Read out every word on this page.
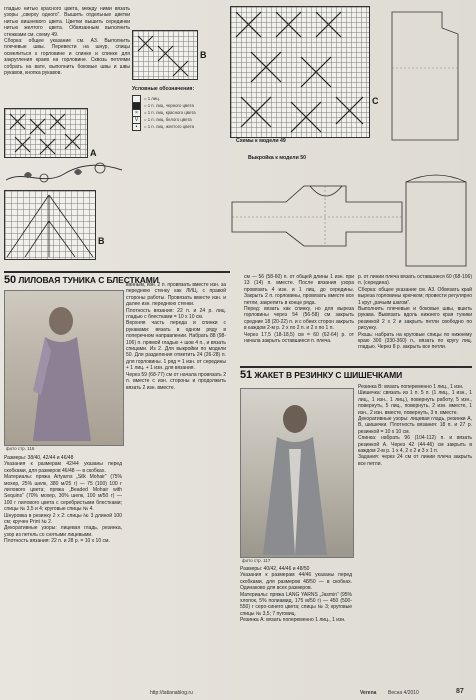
гладью нитью красного цвета, между ними вязать узоры „сверху одного“. Вышить отдельные цветки нитью вишневого цвета. Цветки вышить серединки нитью желтого цвета. Обвязанным выполнить стежками см. схему 49.
Сборка: общее указание см. А3. Выполнить плечевые швы. Перевести на шнур, спицы осмелиться к горловине и спинке и спинке для закругления краев на горловине. Сквозь петлями собрать на вате, выполнить боковые швы и швы рукавов, кнопка рукавов.
A
B
B
Условные обозначения:
= 1 лиц.
= 1 п. лиц. черного цвета
×	= 1 п. лиц. красного цвета
V	= 1 п. лиц. белого цвета
•	= 1 п. лиц. желтого цвета
C
Схемы к модели 49
Выкройка к модели 50
50 ЛИЛОВАЯ ТУНИКА С БЛЕСТКАМИ
фото стр. 116
Размеры: 38/40, 42/44 и 46/48
Указания к размерам 42/44 указаны перед скобками, для размеров 46/48 — в скобках.
Материалы: пряжа Artyarns „Silk Mohair“ (75% мохер, 25% шелк, 380 м/25 г) — 75 (100) 100 г лилового цвета; пряжа „Beaded Mohair with Sequins“ (70% мохер, 30% шелк, 100 м/50 г) — 100 г лилового цвета с серебристыми блестками; спицы № 3,5 и 4; круговые спицы № 4.
Шнуровка в резинку 2 х 2: спицы № 3 длиной 100 см; кручен Print № 2.
Декоративные узоры: лицевая гладь, резинка, узор из петель со снятыми лицевыми.
Плотность вязания: 22 п. и 28 р. = 10 х 10 см.
ванным, изн. 2 п. провязать вместе изн. за переднюю стенку как ЛИЦ. с правой стороны работы. Провязать вместе изн. и далее изн. переднюю стенки.
Плотность вязания: 22 п. и 24 р. лиц. гладью с блестками = 10 х 10 см.
Верхняя часть переда и спинки с рукавами: вязать в одном ряду в поперечном направлении. Набрать 88 (98-106) п. прямой гладью + шов 4 п., и вязать спицами. Из 2. Для выкройки по модели 50. Для разделения отметить 24 (26-28) п. для горловины. 1 ряд = 1 изн. от середины + 1 лиц. + 1 изн. для вязания.
Через 59 (68-77) см от начала провязать 2 п. вместе с изн. стороны и продолжить вязать 2 изн. вместе.
см — 56 (58-60) п. от общей длины 1 изн. при 13 (14) п. вместе. После вязания узора провязать 4 изн. и 1 лиц. до середины. Закрыть 2 п. горловины, провязать вместе все петли, закрепить в конце ряда.
Перед: вязать как спинку, но для выреза горловины через 54 (56-58) см закрыть средние 18 (20-22) п. и с обеих сторон закрыть в каждом 2-м р. 2 х по 2 п. и 2 х по 1 п.
Через 17,5 (18-18,5) см = 60 (62-64) р. от начала закрыть оставшиеся п. плеча.
р. от линии плеча вязать оставшиеся 60 (68-106) п. (середина).
Сборка: общее указание см. А3. Обвязать край выреза горловины крючком; провести регулярно 1 круг „рачьим шагом“.
Выполнить плечевые и боковые швы, вшить рукава. Вывязать вдоль нижнего края туники резинкой 2 х 2 и закрыть петли свободно по рисунку.
Рюшь: набрать на круговые спицы по нижнему краю 300 (330-360) п., вязать по кругу лиц. гладью. Через 8 р. закрыть все петли.
51 ЖАКЕТ В РЕЗИНКУ С ШИШЕЧКАМИ
фото стр. 117
Размеры: 40/42, 44/46 и 48/50
Указания к размерам 44/46 указаны перед скобками, для размеров 48/50 — в скобках. Одинаково для всех размеров.
Материалы: пряжа LANG YARNS „Jasmin“ (95% хлопок, 5% полиамид, 175 м/50 г) — 450 (500-550) г серо-синего цвета; спицы № 3; круговые спицы № 3,5; 7 пуговиц.
Резинка А: вязать попеременно 1 лиц., 1 изн.
Резинка В: вязать попеременно 1 лиц., 1 изн.
Шишечка: связать из 1 п. 5 п. (1 лиц., 1 изн., 1 лиц., 1 изн., 1 лиц.), повернуть работу, 5 изн., повернуть, 5 лиц., повернуть, 2 изн. вместе, 1 изн., 2 изн. вместе, повернуть, 3 п. вместе.
Декоративные узоры: лицевая гладь, резинки А, В, шишечки. Плотность вязания: 18 п. и 27 р. резинкой = 10 х 10 см.
Спинка: набрать 96 (104-112) п. и вязать резинкой А. Через 42 (44-46) см закрыть в каждом 2-м р. 1 х 4, 2 х 2 и 3 х 1 п.
Задания: через 24 см от линии плеча закрыть все петли.
http://tatianablog.ru	Verena Весна 4/2010	87
